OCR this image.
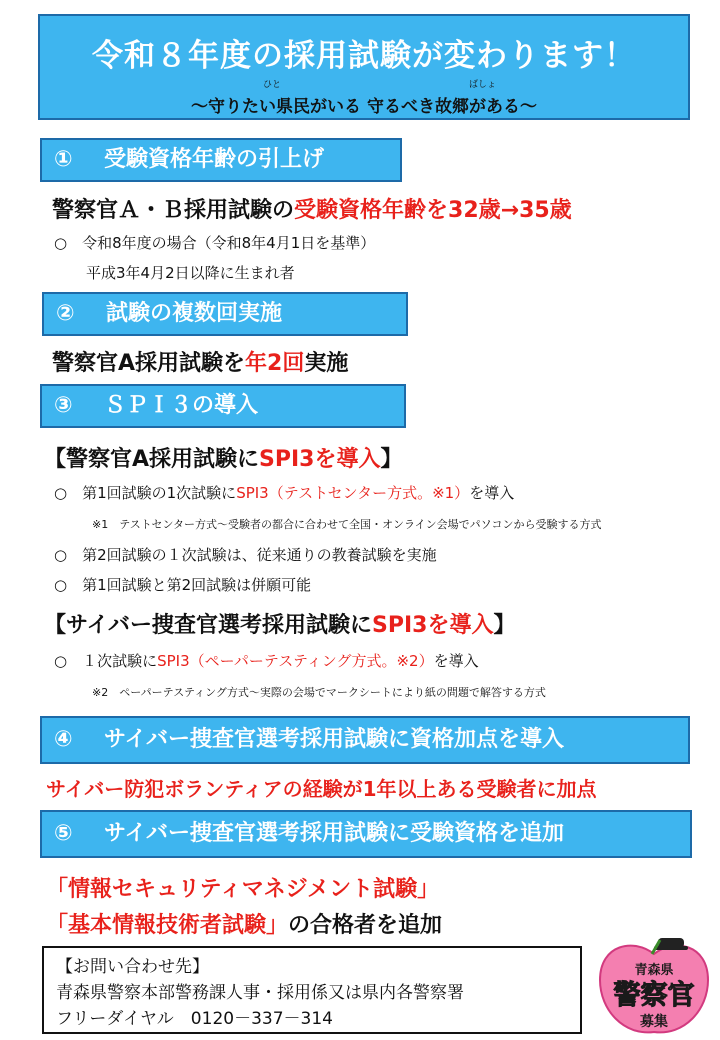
令和８年度の採用試験が変わります！
ひと	ばしょ
～守りたい県民がいる 守るべき故郷がある～
①	受験資格年齢の引上げ
警察官Ａ・Ｂ採用試験の受験資格年齢を32歳→35歳
○　令和8年度の場合（令和8年4月1日を基準）
平成3年4月2日以降に生まれ者
②	試験の複数回実施
警察官A採用試験を年2回実施
③	ＳＰＩ３の導入
【警察官A採用試験にSPI3を導入】
○　第1回試験の1次試験にSPI3（テストセンター方式。※1）を導入
※1　テストセンター方式～受験者の都合に合わせて全国・オンライン会場でパソコンから受験する方式
○　第2回試験の１次試験は、従来通りの教養試験を実施
○　第1回試験と第2回試験は併願可能
【サイバー捜査官選考採用試験にSPI3を導入】
○　１次試験にSPI3（ペーパーテスティング方式。※2）を導入
※2　ペーパーテスティング方式～実際の会場でマークシートにより紙の問題で解答する方式
④	サイバー捜査官選考採用試験に資格加点を導入
サイバー防犯ボランティアの経験が1年以上ある受験者に加点
⑤	サイバー捜査官選考採用試験に受験資格を追加
「情報セキュリティマネジメント試験」
「基本情報技術者試験」の合格者を追加
【お問い合わせ先】
青森県警察本部警務課人事・採用係又は県内各警察署
フリーダイヤル　0120－337－314
青森県
警察官
募集
